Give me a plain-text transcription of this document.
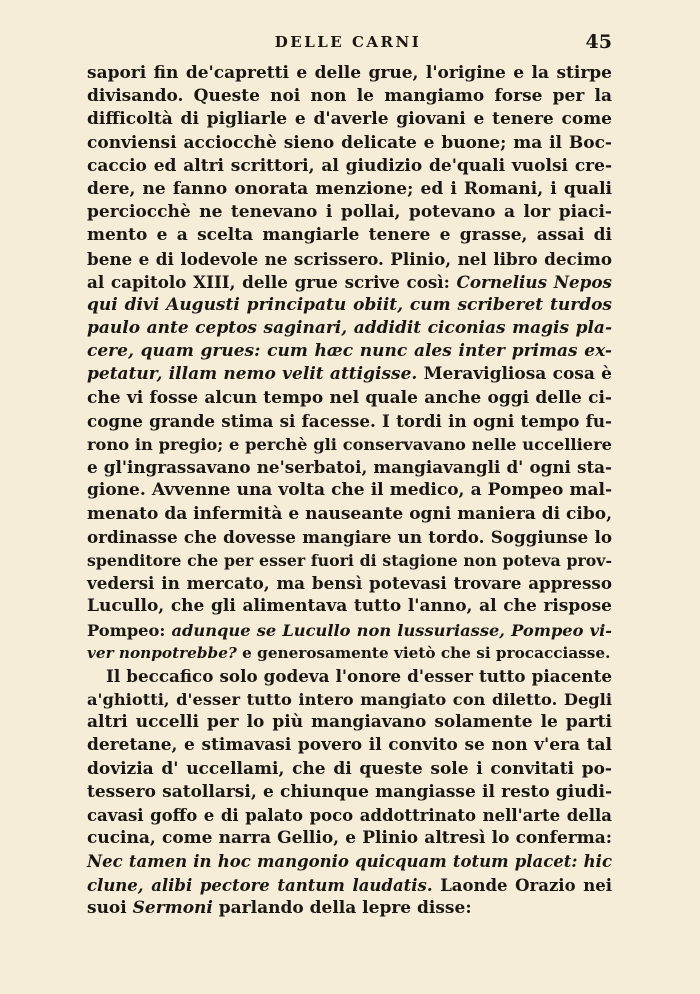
DELLE CARNI	45
sapori fin de'capretti e delle grue, l'origine e la stirpe
divisando. Queste noi non le mangiamo forse per la
difficoltà di pigliarle e d'averle giovani e tenere come
conviensi acciocchè sieno delicate e buone; ma il Boc-
caccio ed altri scrittori, al giudizio de'quali vuolsi cre-
dere, ne fanno onorata menzione; ed i Romani, i quali
perciocchè ne tenevano i pollai, potevano a lor piaci-
mento e a scelta mangiarle tenere e grasse, assai di
bene e di lodevole ne scrissero. Plinio, nel libro decimo
al capitolo XIII, delle grue scrive così: Cornelius Nepos
qui divi Augusti principatu obiit, cum scriberet turdos
paulo ante ceptos saginari, addidit ciconias magis pla-
cere, quam grues: cum hæc nunc ales inter primas ex-
petatur, illam nemo velit attigisse. Meravigliosa cosa è
che vi fosse alcun tempo nel quale anche oggi delle ci-
cogne grande stima si facesse. I tordi in ogni tempo fu-
rono in pregio; e perchè gli conservavano nelle uccelliere
e gl'ingrassavano ne'serbatoi, mangiavangli d' ogni sta-
gione. Avvenne una volta che il medico, a Pompeo mal-
menato da infermità e nauseante ogni maniera di cibo,
ordinasse che dovesse mangiare un tordo. Soggiunse lo
spenditore che per esser fuori di stagione non poteva prov-
vedersi in mercato, ma bensì potevasi trovare appresso
Lucullo, che gli alimentava tutto l'anno, al che rispose
Pompeo: adunque se Lucullo non lussuriasse, Pompeo vi-
ver nonpotrebbe? e generosamente vietò che si procacciasse.
Il beccafico solo godeva l'onore d'esser tutto piacente
a'ghiotti, d'esser tutto intero mangiato con diletto. Degli
altri uccelli per lo più mangiavano solamente le parti
deretane, e stimavasi povero il convito se non v'era tal
dovizia d' uccellami, che di queste sole i convitati po-
tessero satollarsi, e chiunque mangiasse il resto giudi-
cavasi goffo e di palato poco addottrinato nell'arte della
cucina, come narra Gellio, e Plinio altresì lo conferma:
Nec tamen in hoc mangonio quicquam totum placet: hic
clune, alibi pectore tantum laudatis. Laonde Orazio nei
suoi Sermoni parlando della lepre disse:
